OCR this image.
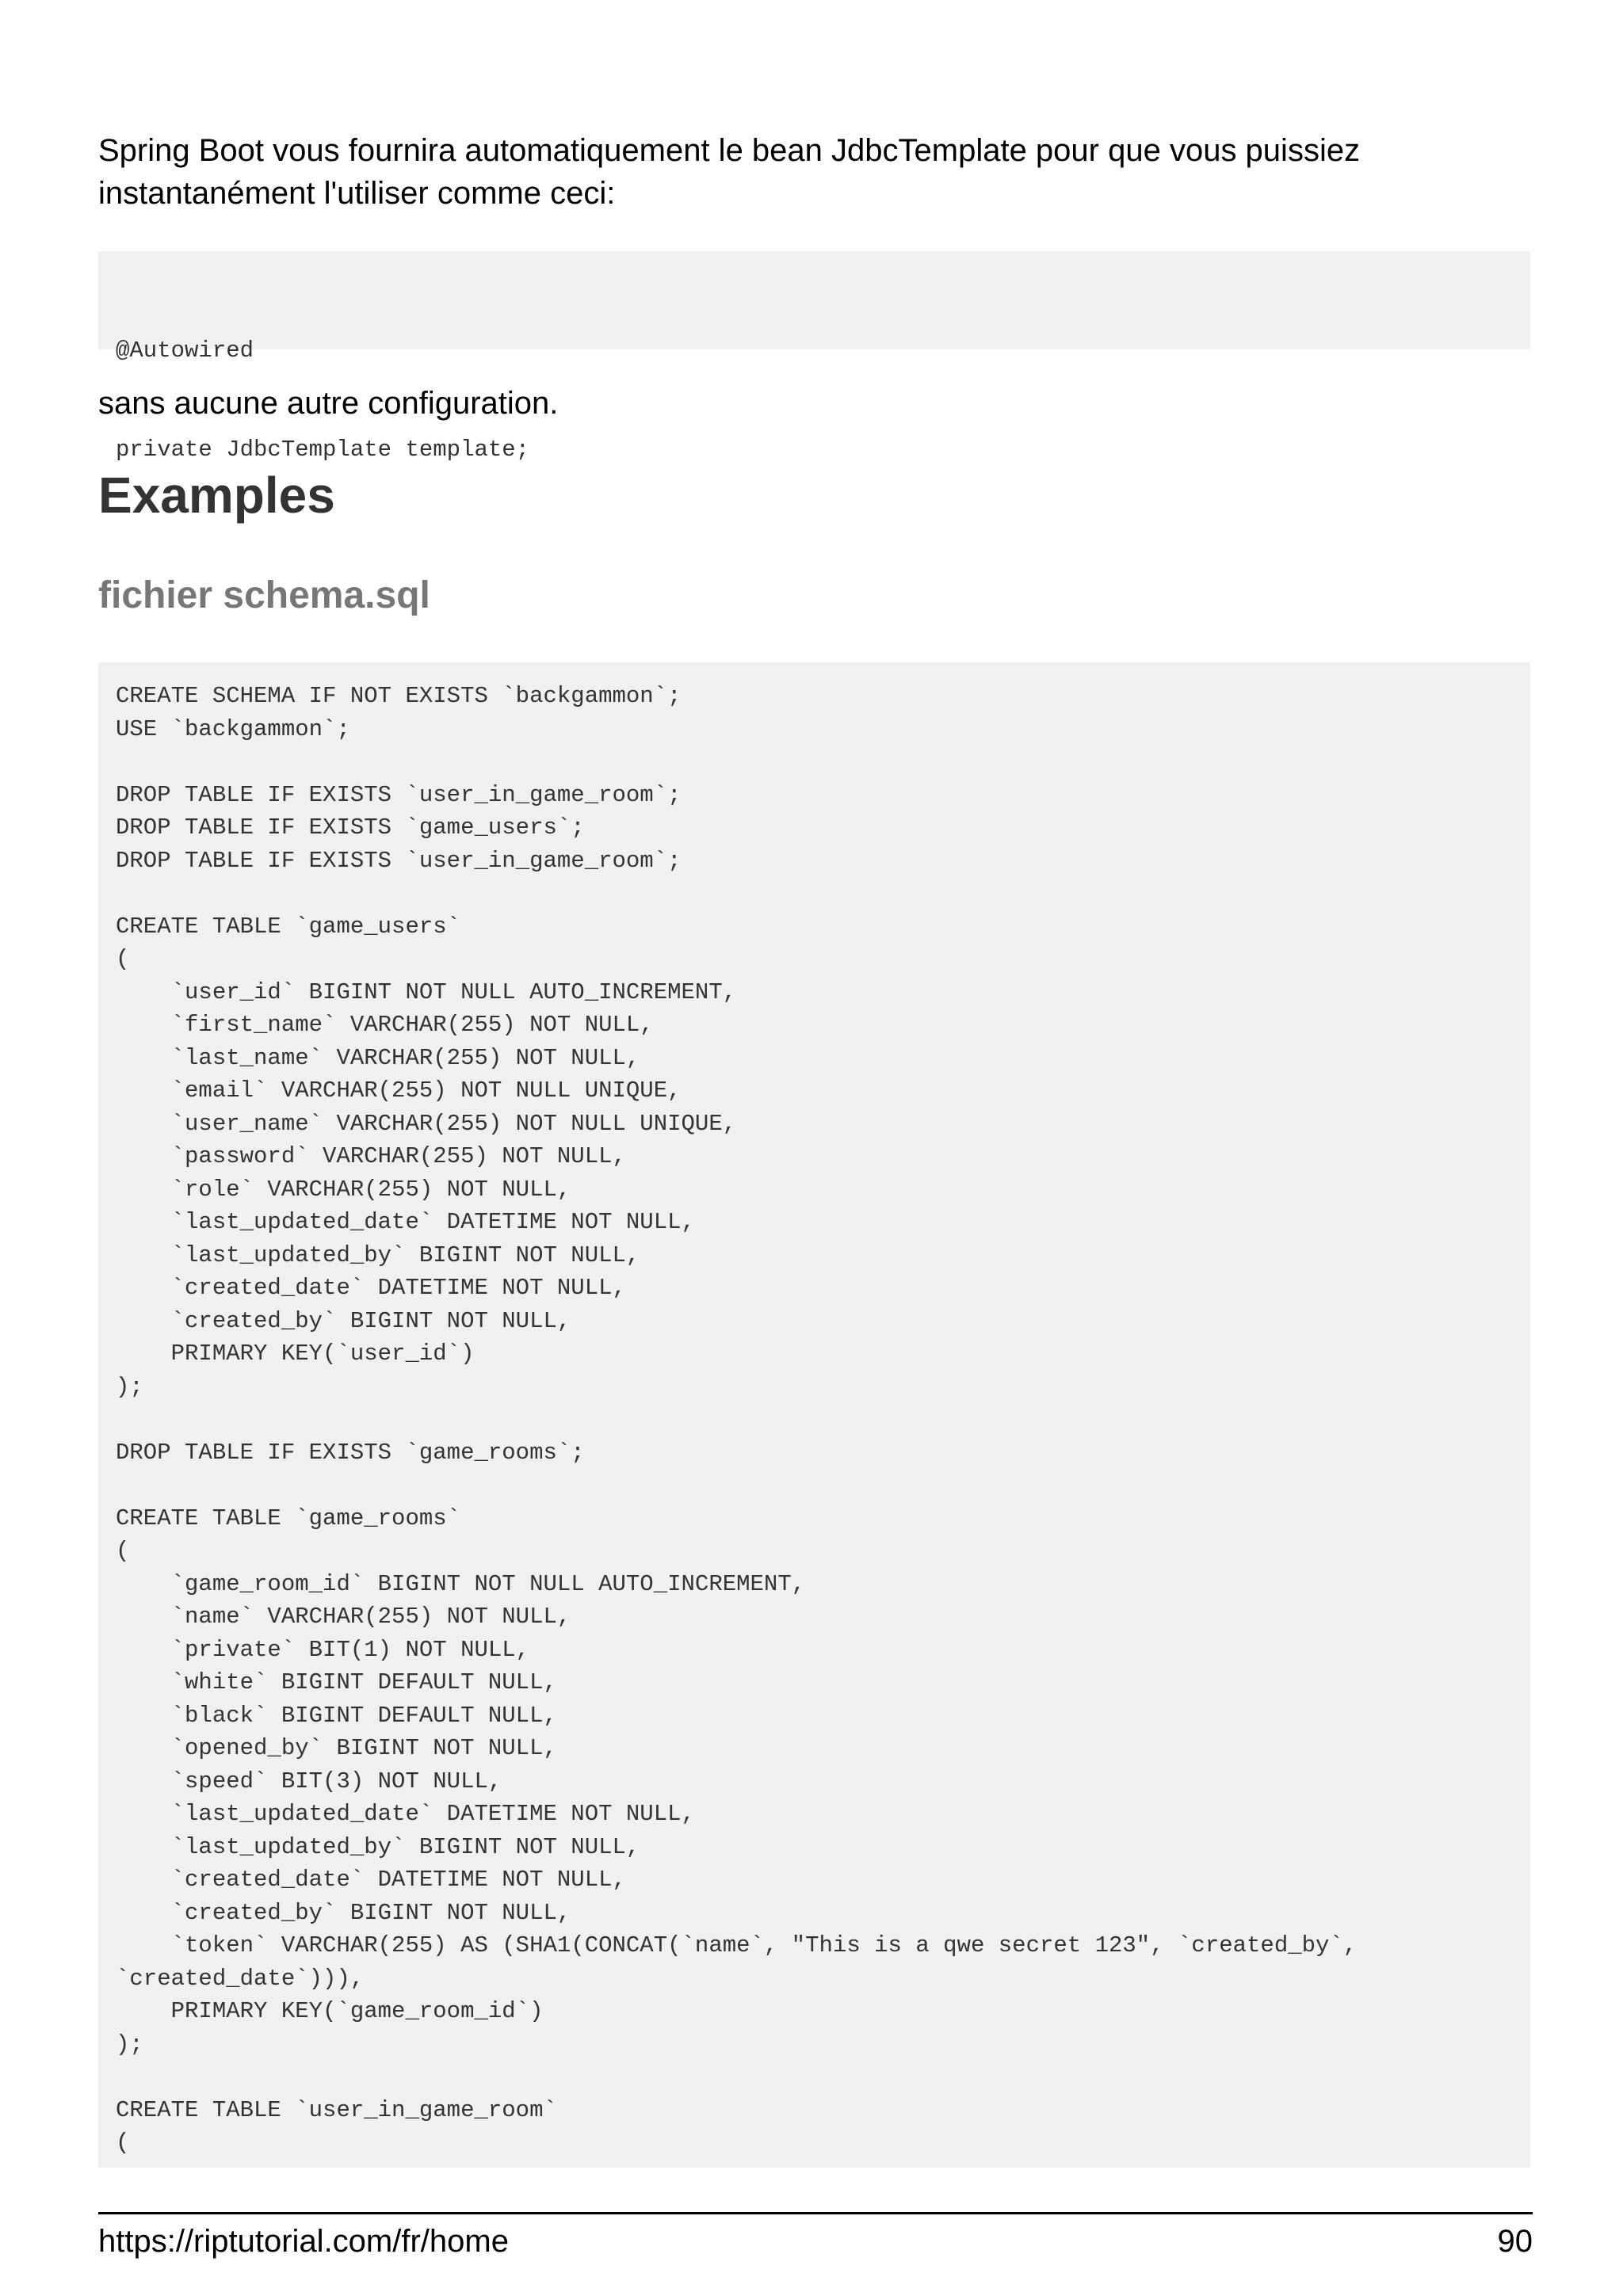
Spring Boot vous fournira automatiquement le bean JdbcTemplate pour que vous puissiez instantanément l'utiliser comme ceci:

@Autowired

private JdbcTemplate template;

sans aucune autre configuration.

Examples
fichier schema.sql
CREATE SCHEMA IF NOT EXISTS `backgammon`;
USE `backgammon`;
DROP TABLE IF EXISTS `user_in_game_room`;
DROP TABLE IF EXISTS `game_users`;
DROP TABLE IF EXISTS `user_in_game_room`;
CREATE TABLE `game_users`
(
`user_id` BIGINT NOT NULL AUTO_INCREMENT,
`first_name` VARCHAR(255) NOT NULL,
`last_name` VARCHAR(255) NOT NULL,
`email` VARCHAR(255) NOT NULL UNIQUE,
`user_name` VARCHAR(255) NOT NULL UNIQUE,
`password` VARCHAR(255) NOT NULL,
`role` VARCHAR(255) NOT NULL,
`last_updated_date` DATETIME NOT NULL,
`last_updated_by` BIGINT NOT NULL,
`created_date` DATETIME NOT NULL,
`created_by` BIGINT NOT NULL,
PRIMARY KEY(`user_id`)
);
DROP TABLE IF EXISTS `game_rooms`;
CREATE TABLE `game_rooms`
(
`game_room_id` BIGINT NOT NULL AUTO_INCREMENT,
`name` VARCHAR(255) NOT NULL,
`private` BIT(1) NOT NULL,
`white` BIGINT DEFAULT NULL,
`black` BIGINT DEFAULT NULL,
`opened_by` BIGINT NOT NULL,
`speed` BIT(3) NOT NULL,
`last_updated_date` DATETIME NOT NULL,
`last_updated_by` BIGINT NOT NULL,
`created_date` DATETIME NOT NULL,
`created_by` BIGINT NOT NULL,
`token` VARCHAR(255) AS (SHA1(CONCAT(`name`, "This is a qwe secret 123", `created_by`,
`created_date`))),
PRIMARY KEY(`game_room_id`)
);
CREATE TABLE `user_in_game_room`
(
https://riptutorial.com/fr/home	90
